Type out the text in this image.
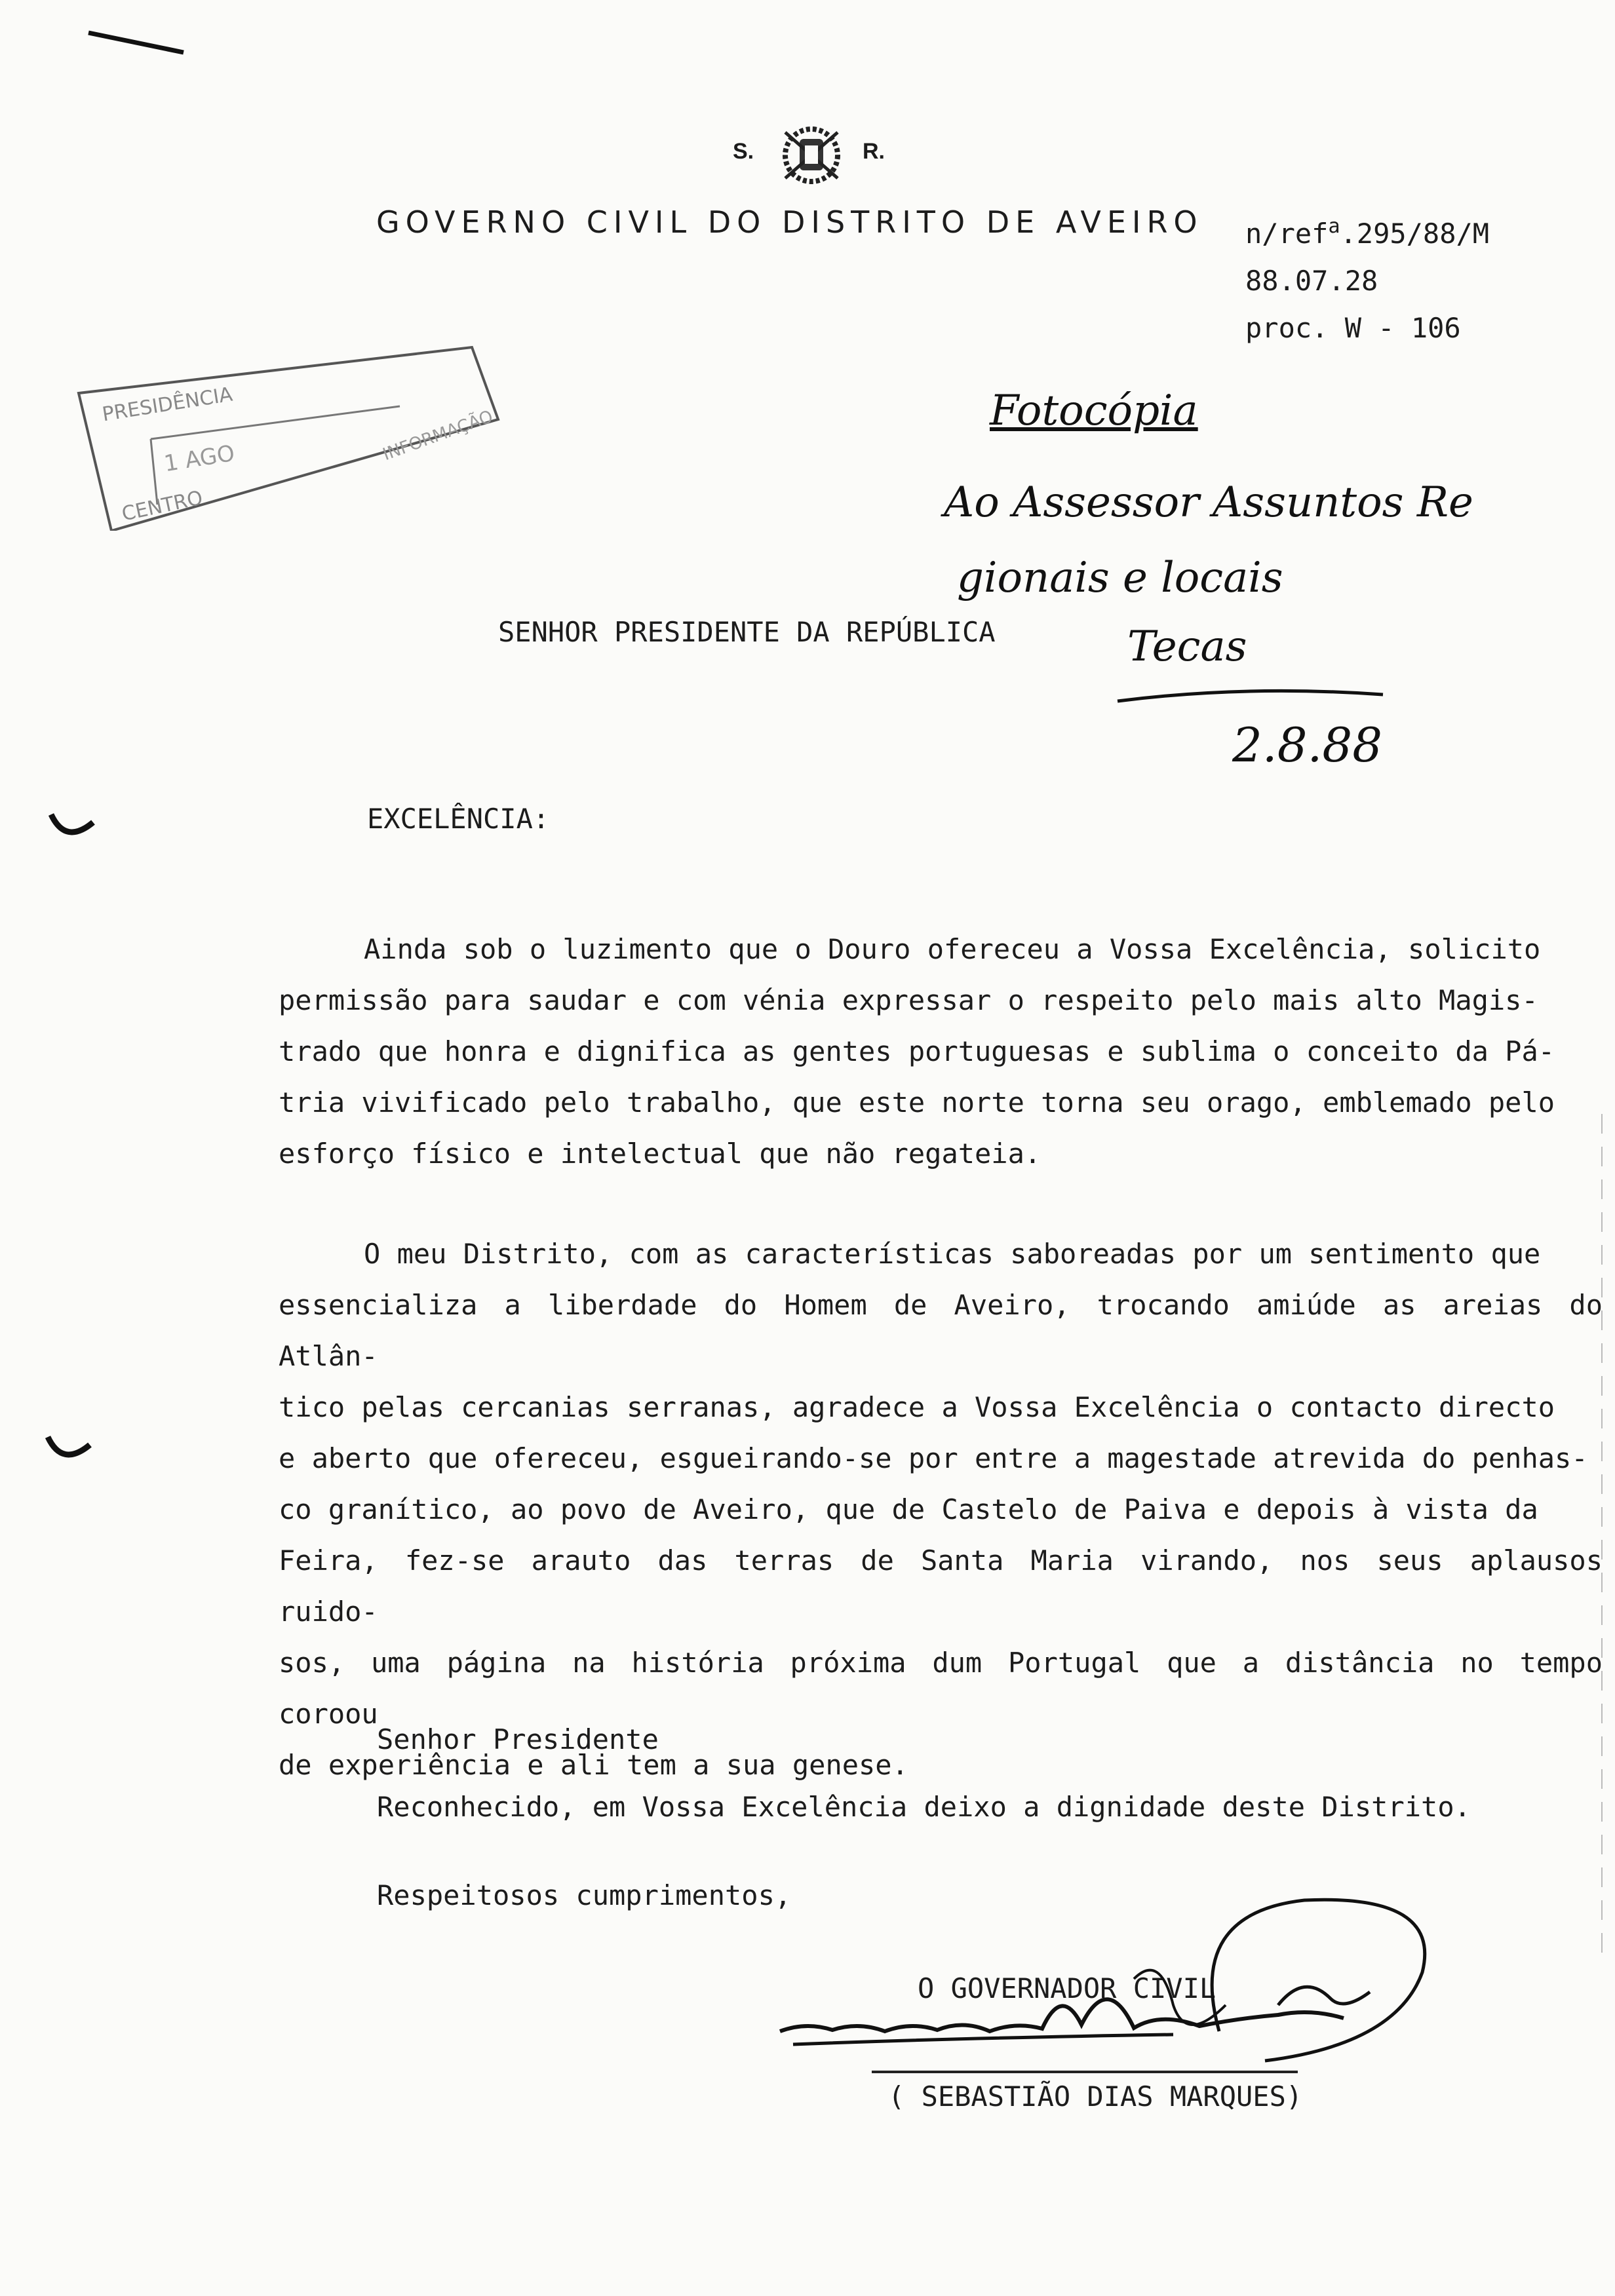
S.	R.
GOVERNO CIVIL DO DISTRITO DE AVEIRO n/ref$^a$.295/88/M
88.07.28
proc. W - 106
PRESIDÊNCIA
1 AGO
CENTRO
INFORMAÇÃO	Fotocópia
Ao Assessor Assuntos Re
gionais e locais
Tecas
2.8.88
SENHOR PRESIDENTE DA REPÚBLICA
EXCELÊNCIA:
Ainda sob o luzimento que o Douro ofereceu a Vossa Excelência, solicito
permissão para saudar e com vénia expressar o respeito pelo mais alto Magis-
trado que honra e dignifica as gentes portuguesas e sublima o conceito da Pá-
tria vivificado pelo trabalho, que este norte torna seu orago, emblemado pelo
esforço físico e intelectual que não regateia.
O meu Distrito, com as características saboreadas por um sentimento que
essencializa a liberdade do Homem de Aveiro, trocando amiúde as areias do Atlân-
tico pelas cercanias serranas, agradece a Vossa Excelência o contacto directo
e aberto que ofereceu, esgueirando-se por entre a magestade atrevida do penhas-
co granítico, ao povo de Aveiro, que de Castelo de Paiva e depois à vista da
Feira, fez-se arauto das terras de Santa Maria virando, nos seus aplausos ruido-
sos, uma página na história próxima dum Portugal que a distância no tempo coroou
de experiência e ali tem a sua genese.
Senhor Presidente
Reconhecido, em Vossa Excelência deixo a dignidade deste Distrito.
Respeitosos cumprimentos,
O GOVERNADOR CIVIL
( SEBASTIÃO DIAS MARQUES)
